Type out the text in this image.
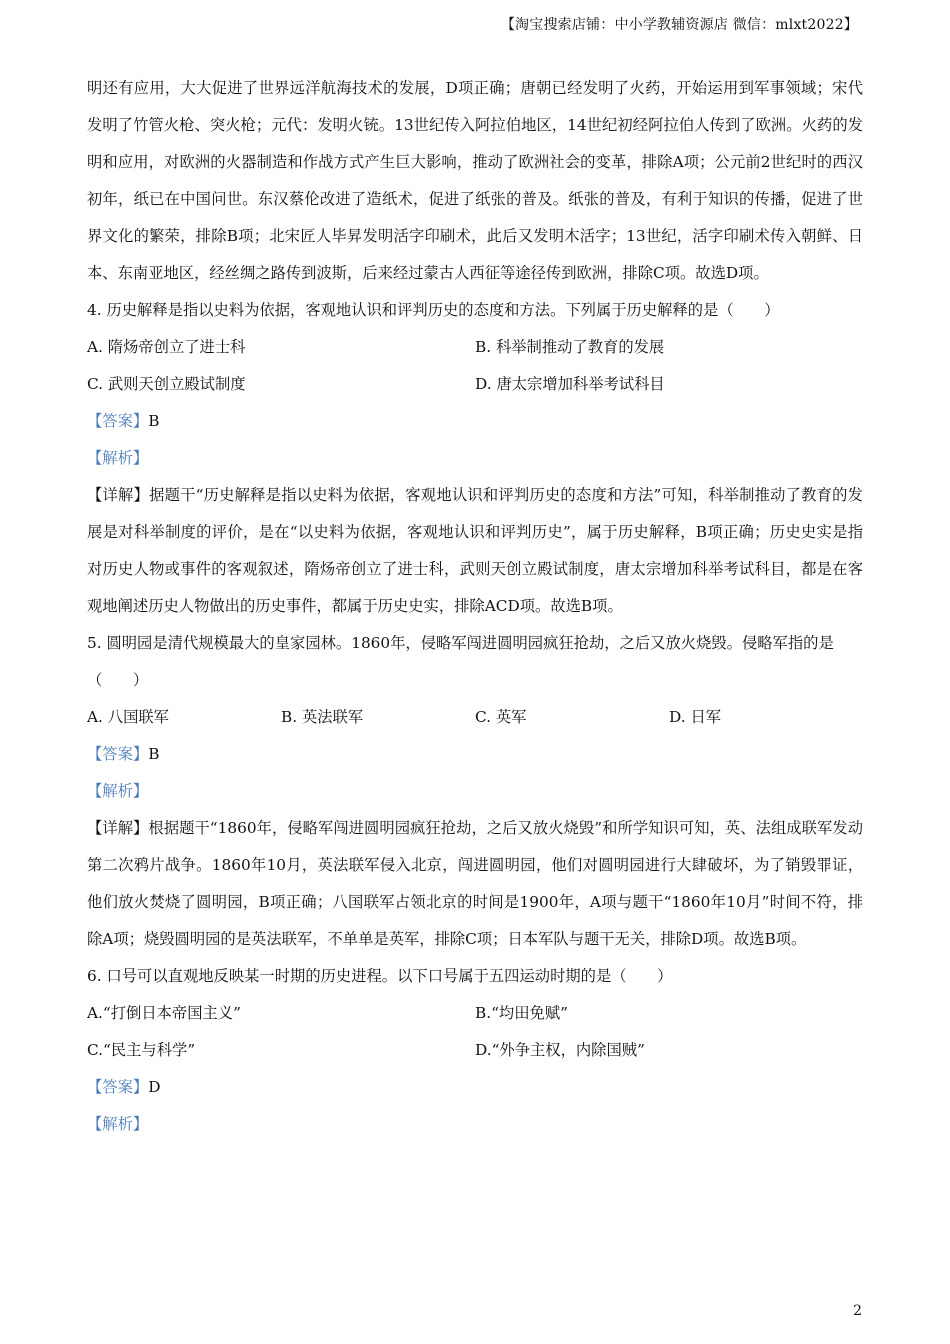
【淘宝搜索店铺：中小学教辅资源店 微信：mlxt2022】

明还有应用，大大促进了世界远洋航海技术的发展，D项正确；唐朝已经发明了火药，开始运用到军事领域；宋代发明了竹管火枪、突火枪；元代：发明火铳。13世纪传入阿拉伯地区，14世纪初经阿拉伯人传到了欧洲。火药的发明和应用，对欧洲的火器制造和作战方式产生巨大影响，推动了欧洲社会的变革，排除A项；公元前2世纪时的西汉初年，纸已在中国问世。东汉蔡伦改进了造纸术，促进了纸张的普及。纸张的普及，有利于知识的传播，促进了世界文化的繁荣，排除B项；北宋匠人毕昇发明活字印刷术，此后又发明木活字；13世纪，活字印刷术传入朝鲜、日本、东南亚地区，经丝绸之路传到波斯，后来经过蒙古人西征等途径传到欧洲，排除C项。故选D项。

4. 历史解释是指以史料为依据，客观地认识和评判历史的态度和方法。下列属于历史解释的是（　　）

A. 隋炀帝创立了进士科	B. 科举制推动了教育的发展
C. 武则天创立殿试制度	D. 唐太宗增加科举考试科目
【答案】B
【解析】

【详解】据题干“历史解释是指以史料为依据，客观地认识和评判历史的态度和方法”可知，科举制推动了教育的发展是对科举制度的评价，是在“以史料为依据，客观地认识和评判历史”，属于历史解释，B项正确；历史史实是指对历史人物或事件的客观叙述，隋炀帝创立了进士科，武则天创立殿试制度，唐太宗增加科举考试科目，都是在客观地阐述历史人物做出的历史事件，都属于历史史实，排除ACD项。故选B项。

5. 圆明园是清代规模最大的皇家园林。1860年，侵略军闯进圆明园疯狂抢劫，之后又放火烧毁。侵略军指的是（　　）

A. 八国联军	B. 英法联军	C. 英军	D. 日军
【答案】B
【解析】

【详解】根据题干“1860年，侵略军闯进圆明园疯狂抢劫，之后又放火烧毁”和所学知识可知，英、法组成联军发动第二次鸦片战争。1860年10月，英法联军侵入北京，闯进圆明园，他们对圆明园进行大肆破坏，为了销毁罪证，他们放火焚烧了圆明园，B项正确；八国联军占领北京的时间是1900年，A项与题干“1860年10月”时间不符，排除A项；烧毁圆明园的是英法联军，不单单是英军，排除C项；日本军队与题干无关，排除D项。故选B项。

6. 口号可以直观地反映某一时期的历史进程。以下口号属于五四运动时期的是（　　）

A.“打倒日本帝国主义”	B.“均田免赋”
C.“民主与科学”	D.“外争主权，内除国贼”
【答案】D
【解析】
2
